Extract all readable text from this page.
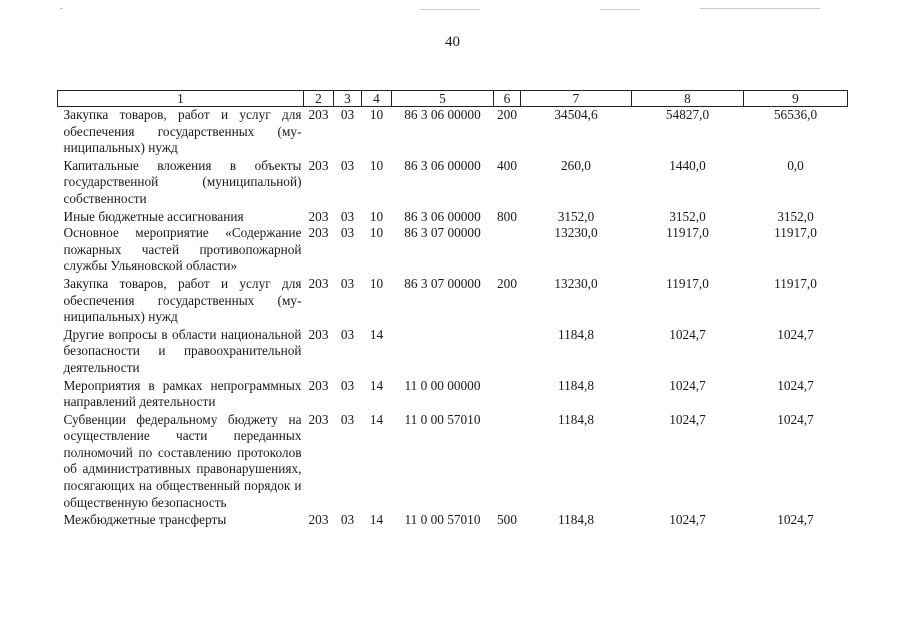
40
1	2	3	4	5	6	7	8	9
Закупка товаров, работ и услуг для обеспечения государственных (муниципальных) нужд	203	03	10	86 3 06 00000	200	34504,6	54827,0	56536,0
Капитальные вложения в объекты государственной (муниципальной) собственности	203	03	10	86 3 06 00000	400	260,0	1440,0	0,0
Иные бюджетные ассигнования	203	03	10	86 3 06 00000	800	3152,0	3152,0	3152,0
Основное мероприятие «Содержание пожарных частей противопожарной службы Ульяновской области»	203	03	10	86 3 07 00000		13230,0	11917,0	11917,0
Закупка товаров, работ и услуг для обеспечения государственных (муниципальных) нужд	203	03	10	86 3 07 00000	200	13230,0	11917,0	11917,0
Другие вопросы в области национальной безопасности и правоохранительной деятельности	203	03	14			1184,8	1024,7	1024,7
Мероприятия в рамках непрограммных направлений деятельности	203	03	14	11 0 00 00000		1184,8	1024,7	1024,7
Субвенции федеральному бюджету на осуществление части переданных полномочий по составлению протоколов об административных правонарушениях, посягающих на общественный порядок и общественную безопасность	203	03	14	11 0 00 57010		1184,8	1024,7	1024,7
Межбюджетные трансферты	203	03	14	11 0 00 57010	500	1184,8	1024,7	1024,7
